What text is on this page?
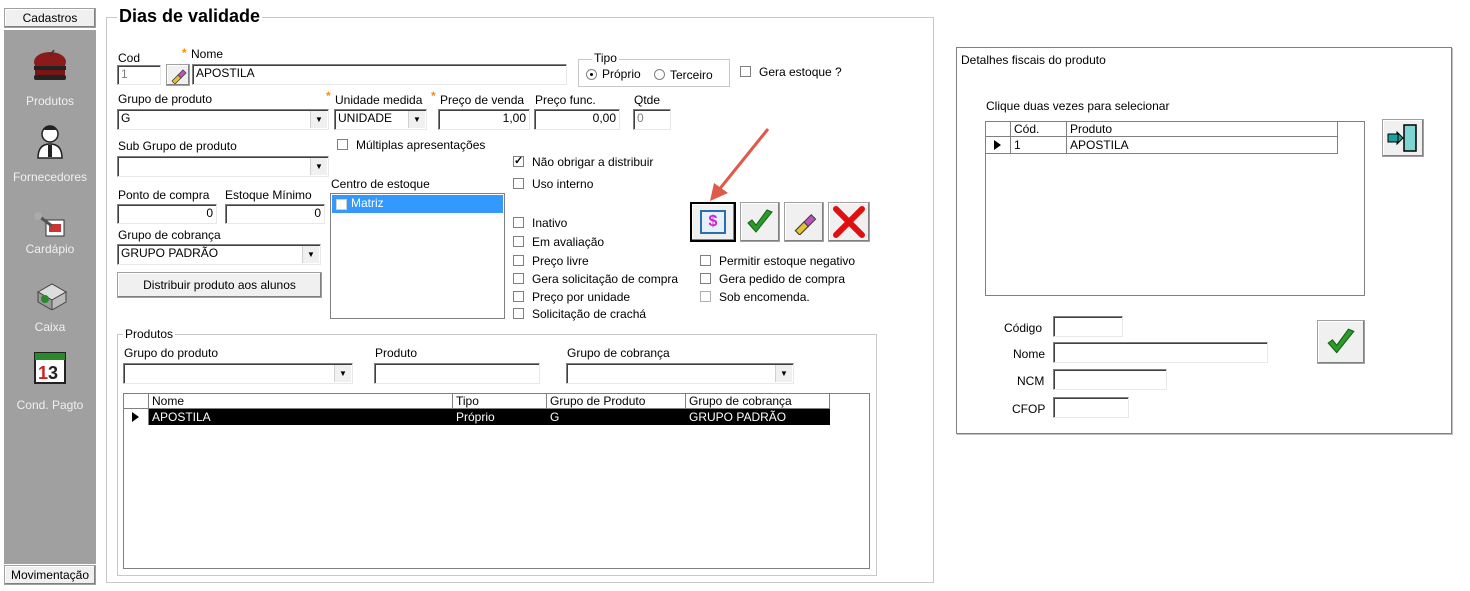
Cadastros
Produtos
Fornecedores
Cardápio
Caixa
1 3
Cond. Pagto
Movimentação
Dias de validade
Cod
1
* Nome
APOSTILA
Tipo
Próprio Terceiro	Gera estoque ?
Grupo de produto
G	▼
* Unidade medida
UNIDADE	▼
* Preço de venda
1,00
Preço func.
0,00
Qtde
0
Múltiplas apresentações
Sub Grupo de produto
▼	✓ Não obrigar a distribuir
Uso interno
Ponto de compra
0
Estoque Mínimo
0
Centro de estoque
Matriz
Grupo de cobrança
GRUPO PADRÃO	▼
Distribuir produto aos alunos
Inativo
Em avaliação
Preço livre
Gera solicitação de compra
Preço por unidade
Solicitação de crachá
Permitir estoque negativo
Gera pedido de compra
Sob encomenda.
$
Produtos
Grupo do produto
▼
Produto	Grupo de cobrança
▼
Nome	Tipo	Grupo de Produto	Grupo de cobrança
APOSTILA	Próprio	G	GRUPO PADRÃO
Detalhes fiscais do produto
Clique duas vezes para selecionar
Cód.	Produto
1	APOSTILA
Código
Nome
NCM
CFOP
